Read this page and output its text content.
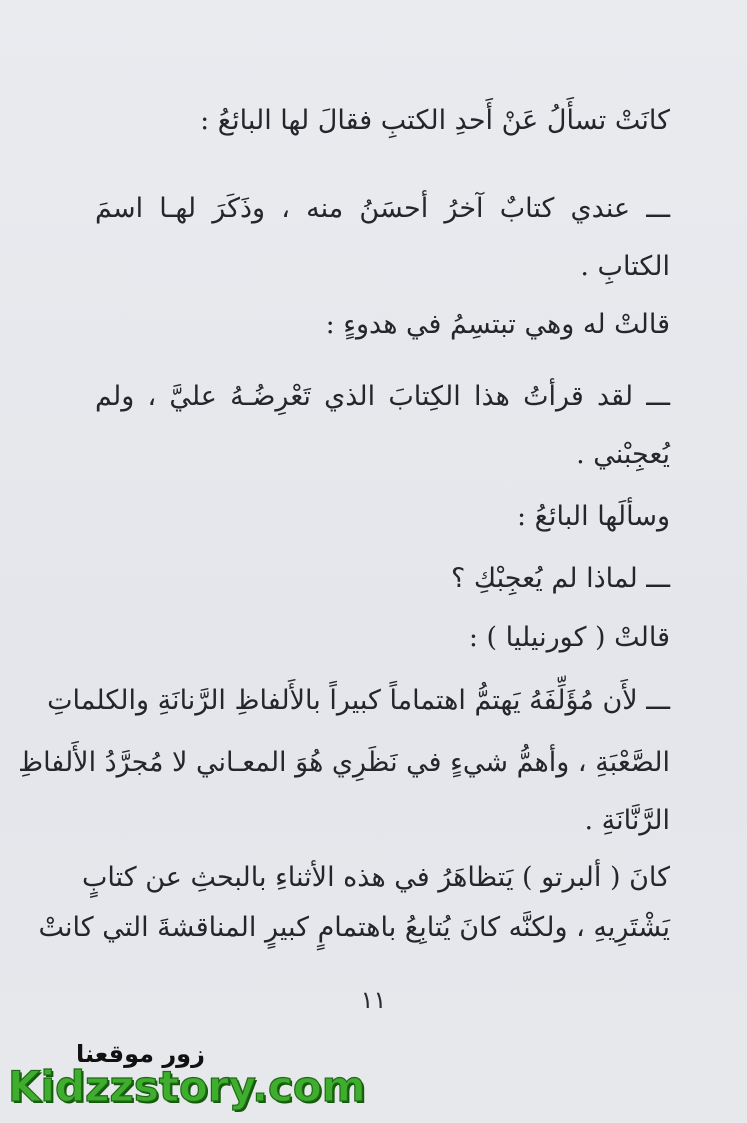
كانَتْ تسأَلُ عَنْ أَحدِ الكتبِ فقالَ لها البائعُ :
ـــ عندي كتابٌ آخرُ أحسَنُ منه ، وذَكَرَ لهـا اسمَ
الكتابِ .
قالتْ له وهي تبتسِمُ في هدوءٍ :
ـــ لقد قرأتُ هذا الكِتابَ الذي تَعْرِضُـهُ عليَّ ، ولم
يُعجِبْني .
وسألَها البائعُ :
ـــ لماذا لم يُعجِبْكِ ؟
قالتْ ( كورنيليا ) :
ـــ لأَن مُؤَلِّفَهُ يَهتمُّ اهتماماً كبيراً بالأَلفاظِ الرَّنانَةِ والكلماتِ
الصَّعْبَةِ ، وأهمُّ شيءٍ في نَظَرِي هُوَ المعـاني لا مُجرَّدُ الأَلفاظِ
الرَّنَّانَةِ .
كانَ ( ألبرتو ) يَتظاهَرُ في هذه الأثناءِ بالبحثِ عن كتابٍ
يَشْتَرِيهِ ، ولكنَّه كانَ يُتابِعُ باهتمامٍ كبيرٍ المناقشةَ التي كانتْ
١١
زور موقعنا
Kidzzstory.com
